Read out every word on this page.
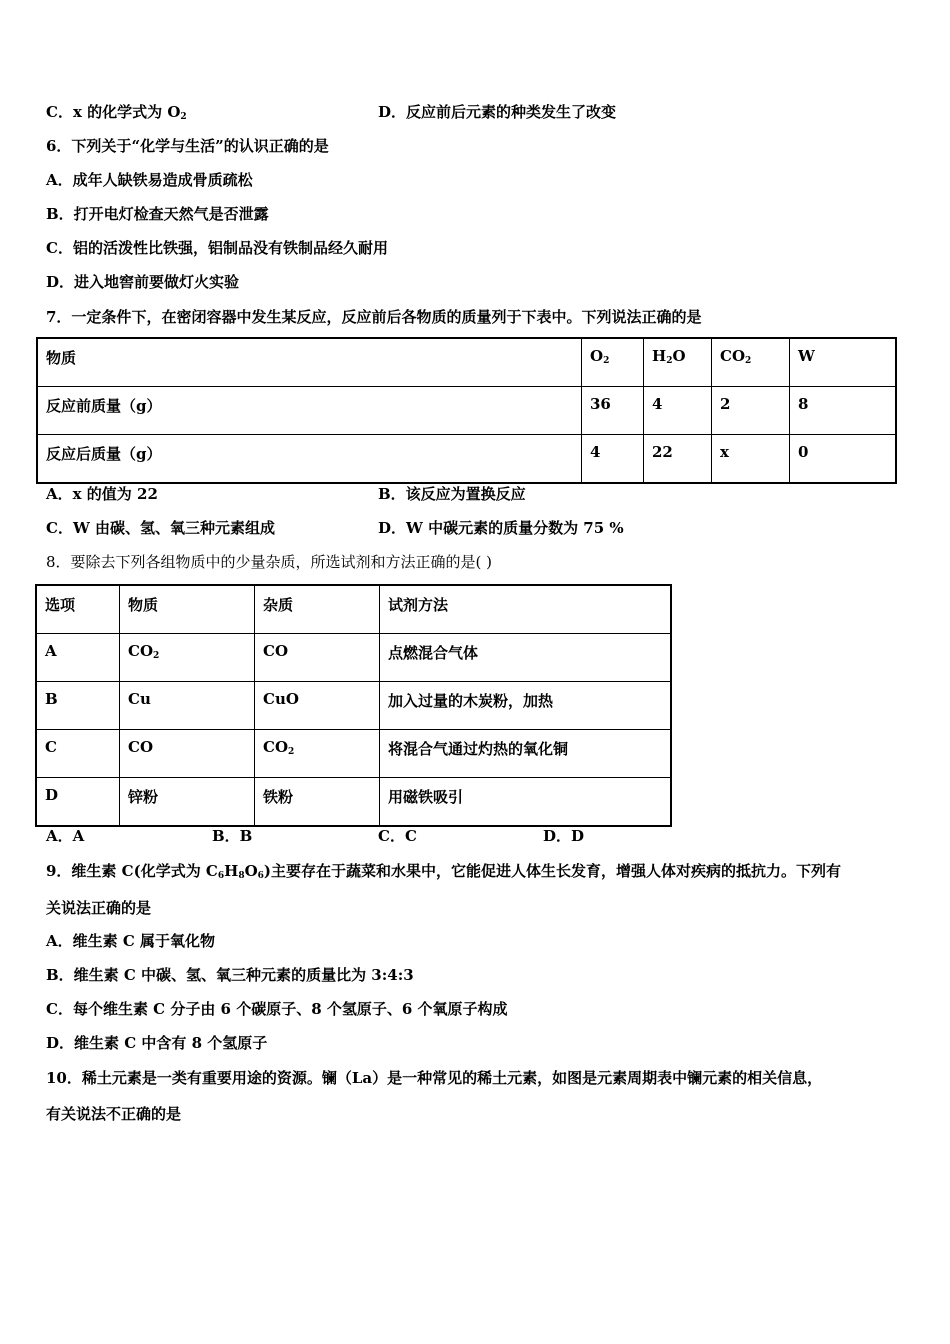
C．x 的化学式为 $O_2$	D．反应前后元素的种类发生了改变
6．下列关于“化学与生活”的认识正确的是
A．成年人缺铁易造成骨质疏松
B．打开电灯检查天然气是否泄露
C．铝的活泼性比铁强，铝制品没有铁制品经久耐用
D．进入地窖前要做灯火实验
7．一定条件下，在密闭容器中发生某反应，反应前后各物质的质量列于下表中。下列说法正确的是
物质	$O_2$	$H_2O$	$CO_2$	W
反应前质量（g）	36	4	2	8
反应后质量（g）	4	22	x	0
A．x 的值为 22	B．该反应为置换反应
C．W 由碳、氢、氧三种元素组成	D．W 中碳元素的质量分数为 75 %
8．要除去下列各组物质中的少量杂质，所选试剂和方法正确的是( )
选项	物质	杂质	试剂方法
A	$CO_2$	CO	点燃混合气体
B	Cu	CuO	加入过量的木炭粉，加热
C	CO	$CO_2$	将混合气通过灼热的氧化铜
D	锌粉	铁粉	用磁铁吸引
A．A	B．B	C．C	D．D
9．维生素 C(化学式为 $C_6H_8O_6$)主要存在于蔬菜和水果中，它能促进人体生长发育，增强人体对疾病的抵抗力。下列有
关说法正确的是
A．维生素 C 属于氧化物
B．维生素 C 中碳、氢、氧三种元素的质量比为 3:4:3
C．每个维生素 C 分子由 6 个碳原子、8 个氢原子、6 个氧原子构成
D．维生素 C 中含有 8 个氢原子
10．稀土元素是一类有重要用途的资源。镧（La）是一种常见的稀土元素，如图是元素周期表中镧元素的相关信息，
有关说法不正确的是
